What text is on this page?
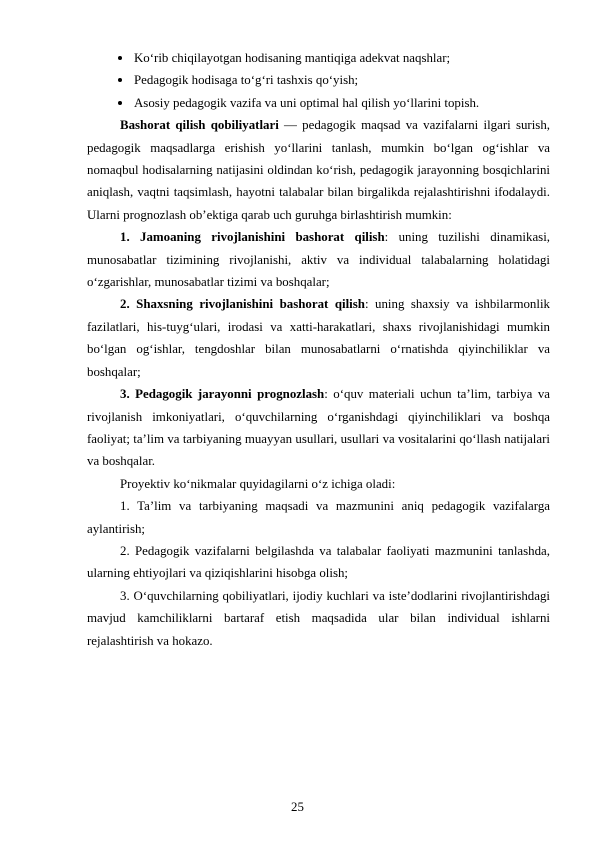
Ko‘rib chiqilayotgan hodisaning mantiqiga adekvat naqshlar;
Pedagogik hodisaga to‘g‘ri tashxis qo‘yish;
Asosiy pedagogik vazifa va uni optimal hal qilish yo‘llarini topish.

Bashorat qilish qobiliyatlari — pedagogik maqsad va vazifalarni ilgari surish, pedagogik maqsadlarga erishish yo‘llarini tanlash, mumkin bo‘lgan og‘ishlar va nomaqbul hodisalarning natijasini oldindan ko‘rish, pedagogik jarayonning bosqichlarini aniqlash, vaqtni taqsimlash, hayotni talabalar bilan birgalikda rejalashtirishni ifodalaydi. Ularni prognozlash ob’ektiga qarab uch guruhga birlashtirish mumkin:

1. Jamoaning rivojlanishini bashorat qilish: uning tuzilishi dinamikasi, munosabatlar tizimining rivojlanishi, aktiv va individual talabalarning holatidagi o‘zgarishlar, munosabatlar tizimi va boshqalar;

2. Shaxsning rivojlanishini bashorat qilish: uning shaxsiy va ishbilarmonlik fazilatlari, his-tuyg‘ulari, irodasi va xatti-harakatlari, shaxs rivojlanishidagi mumkin bo‘lgan og‘ishlar, tengdoshlar bilan munosabatlarni o‘rnatishda qiyinchiliklar va boshqalar;

3. Pedagogik jarayonni prognozlash: o‘quv materiali uchun ta’lim, tarbiya va rivojlanish imkoniyatlari, o‘quvchilarning o‘rganishdagi qiyinchiliklari va boshqa faoliyat; ta’lim va tarbiyaning muayyan usullari, usullari va vositalarini qo‘llash natijalari va boshqalar.

Proyektiv ko‘nikmalar quyidagilarni o‘z ichiga oladi:

1. Ta’lim va tarbiyaning maqsadi va mazmunini aniq pedagogik vazifalarga aylantirish;

2. Pedagogik vazifalarni belgilashda va talabalar faoliyati mazmunini tanlashda, ularning ehtiyojlari va qiziqishlarini hisobga olish;

3. O‘quvchilarning qobiliyatlari, ijodiy kuchlari va iste’dodlarini rivojlantirishdagi mavjud kamchiliklarni bartaraf etish maqsadida ular bilan individual ishlarni rejalashtirish va hokazo.

25
